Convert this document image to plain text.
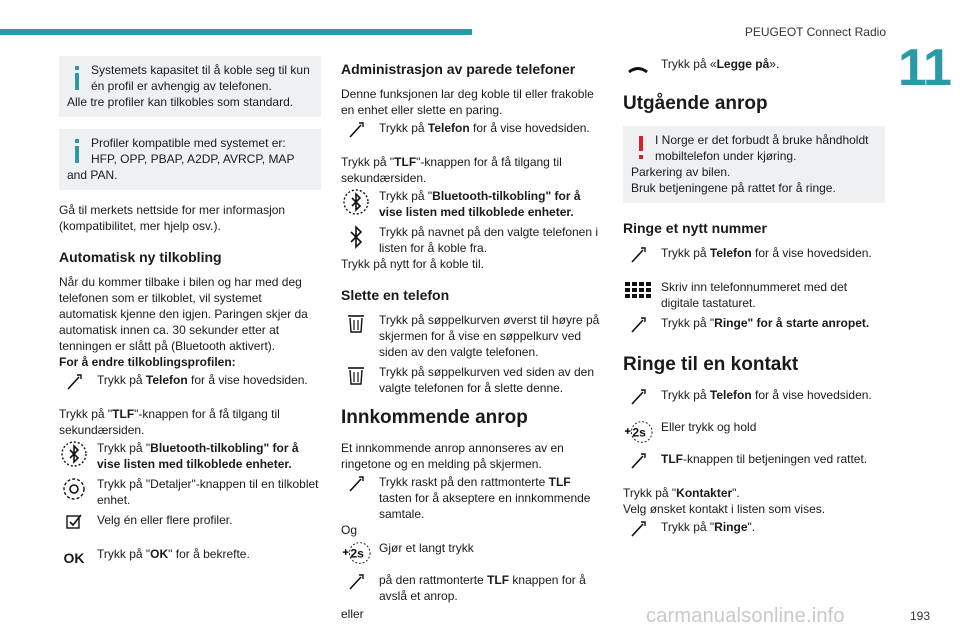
PEUGEOT Connect Radio
11
Systemets kapasitet til å koble seg til kun én profil er avhengig av telefonen.
Alle tre profiler kan tilkobles som standard.
Profiler kompatible med systemet er: HFP, OPP, PBAP, A2DP, AVRCP, MAP
and PAN.

Gå til merkets nettside for mer informasjon (kompatibilitet, mer hjelp osv.).

Automatisk ny tilkobling

Når du kommer tilbake i bilen og har med deg telefonen som er tilkoblet, vil systemet automatisk kjenne den igjen. Paringen skjer da automatisk innen ca. 30 sekunder etter at tenningen er slått på (Bluetooth aktivert).

For å endre tilkoblingsprofilen:

Trykk på Telefon for å vise hovedsiden.

Trykk på "TLF"-knappen for å få tilgang til sekundærsiden.

Trykk på "Bluetooth-tilkobling" for å vise listen med tilkoblede enheter.
Trykk på "Detaljer"-knappen til en tilkoblet enhet.
Velg én eller flere profiler.
OK	Trykk på "OK" for å bekrefte.
Administrasjon av parede telefoner

Denne funksjonen lar deg koble til eller frakoble en enhet eller slette en paring.

Trykk på Telefon for å vise hovedsiden.

Trykk på "TLF"-knappen for å få tilgang til sekundærsiden.

Trykk på "Bluetooth-tilkobling" for å vise listen med tilkoblede enheter.
Trykk på navnet på den valgte telefonen i listen for å koble fra.

Trykk på nytt for å koble til.

Slette en telefon
Trykk på søppelkurven øverst til høyre på skjermen for å vise en søppelkurv ved siden av den valgte telefonen.
Trykk på søppelkurven ved siden av den valgte telefonen for å slette denne.
Innkommende anrop

Et innkommende anrop annonseres av en ringetone og en melding på skjermen.

Trykk raskt på den rattmonterte TLF tasten for å akseptere en innkommende samtale.

Og

2s Gjør et langt trykk
på den rattmonterte TLF knappen for å avslå et anrop.

eller

Trykk på «Legge på».
Utgående anrop
I Norge er det forbudt å bruke håndholdt mobiltelefon under kjøring.
Parkering av bilen.
Bruk betjeningene på rattet for å ringe.
Ringe et nytt nummer
Trykk på Telefon for å vise hovedsiden.
Skriv inn telefonnummeret med det digitale tastaturet.
Trykk på "Ringe" for å starte anropet.
Ringe til en kontakt
Trykk på Telefon for å vise hovedsiden.
2s Eller trykk og hold
TLF-knappen til betjeningen ved rattet.

Trykk på "Kontakter".

Velg ønsket kontakt i listen som vises.

Trykk på "Ringe".
carmanualsonline.info	193
